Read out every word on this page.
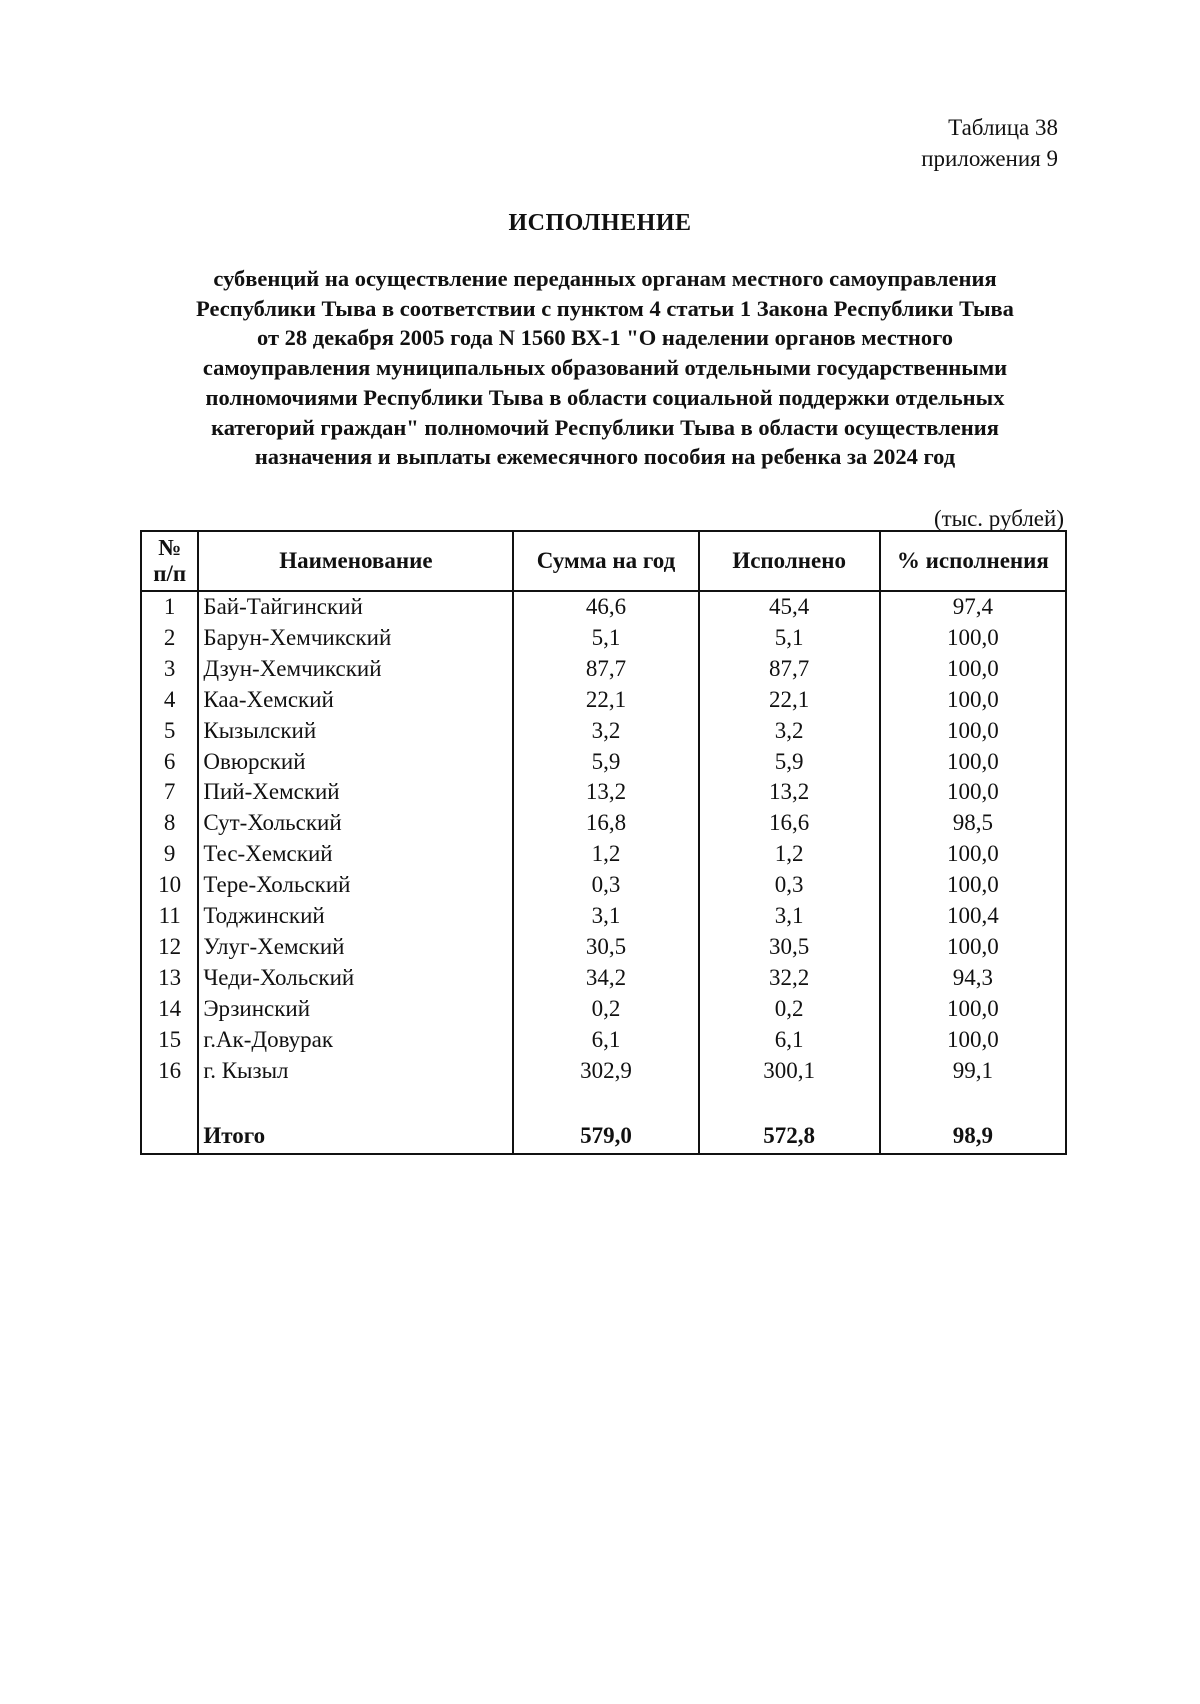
Таблица 38
приложения 9
ИСПОЛНЕНИЕ
субвенций на осуществление переданных органам местного самоуправления
Республики Тыва в соответствии с пунктом 4 статьи 1 Закона Республики Тыва
от 28 декабря 2005 года N 1560 ВХ-1 "О наделении органов местного
самоуправления муниципальных образований отдельными государственными
полномочиями Республики Тыва в области социальной поддержки отдельных
категорий граждан" полномочий Республики Тыва в области осуществления
назначения и выплаты ежемесячного пособия на ребенка за 2024 год
(тыс. рублей)
№
п/п	Наименование	Сумма на год	Исполнено	% исполнения
1	Бай-Тайгинский	46,6	45,4	97,4
2	Барун-Хемчикский	5,1	5,1	100,0
3	Дзун-Хемчикский	87,7	87,7	100,0
4	Каа-Хемский	22,1	22,1	100,0
5	Кызылский	3,2	3,2	100,0
6	Овюрский	5,9	5,9	100,0
7	Пий-Хемский	13,2	13,2	100,0
8	Сут-Хольский	16,8	16,6	98,5
9	Тес-Хемский	1,2	1,2	100,0
10	Тере-Хольский	0,3	0,3	100,0
11	Тоджинский	3,1	3,1	100,4
12	Улуг-Хемский	30,5	30,5	100,0
13	Чеди-Хольский	34,2	32,2	94,3
14	Эрзинский	0,2	0,2	100,0
15	г.Ак-Довурак	6,1	6,1	100,0
16	г. Кызыл	302,9	300,1	99,1

	Итого	579,0	572,8	98,9
